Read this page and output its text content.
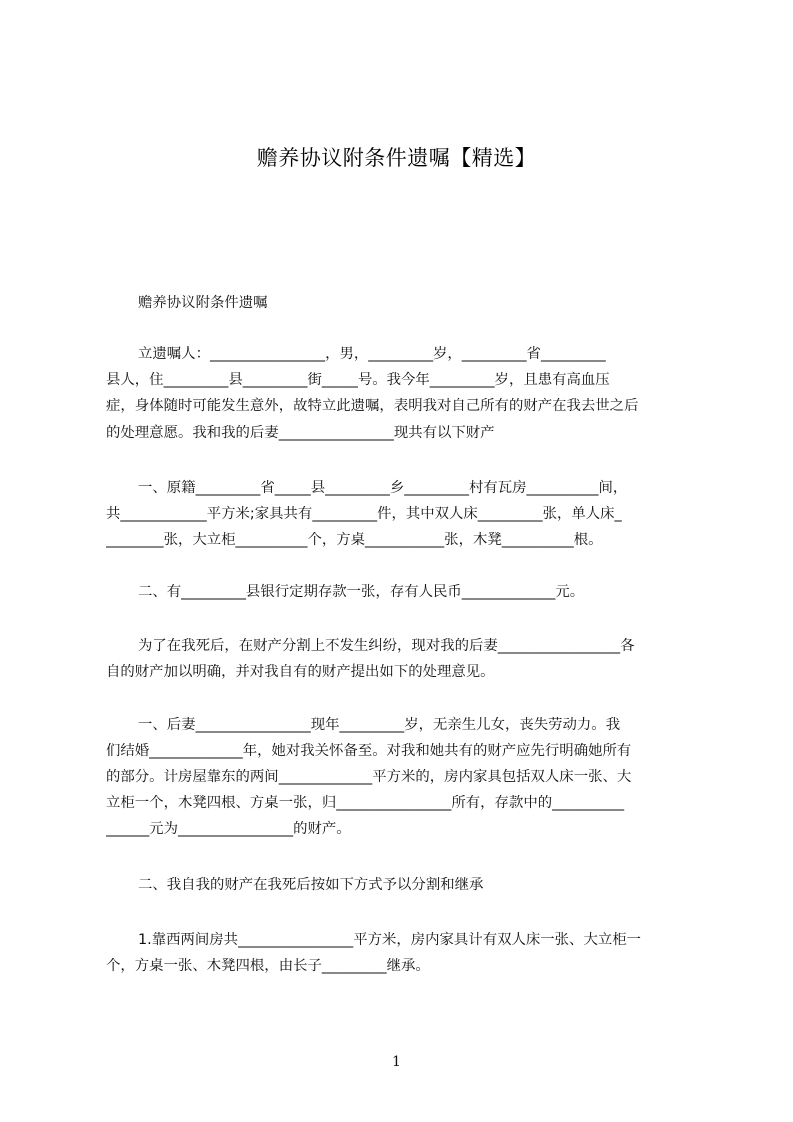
赡养协议附条件遗嘱【精选】
赡养协议附条件遗嘱
立遗嘱人：________________，男，_________岁，_________省_________
县人，住_________县_________街_____号。我今年_________岁，且患有高血压
症，身体随时可能发生意外，故特立此遗嘱，表明我对自己所有的财产在我去世之后
的处理意愿。我和我的后妻________________现共有以下财产
一、原籍_________省_____县_________乡_________村有瓦房__________间，
共____________平方米;家具共有_________件，其中双人床_________张，单人床_
________张，大立柜__________个，方桌___________张，木凳__________根。
二、有_________县银行定期存款一张，存有人民币_____________元。
为了在我死后，在财产分割上不发生纠纷，现对我的后妻_________________各
自的财产加以明确，并对我自有的财产提出如下的处理意见。
一、后妻________________现年_________岁，无亲生儿女，丧失劳动力。我
们结婚_____________年，她对我关怀备至。对我和她共有的财产应先行明确她所有
的部分。计房屋靠东的两间_____________平方米的，房内家具包括双人床一张、大
立柜一个，木凳四根、方桌一张，归________________所有，存款中的__________
______元为________________的财产。
二、我自我的财产在我死后按如下方式予以分割和继承
1.靠西两间房共________________平方米，房内家具计有双人床一张、大立柜一
个，方桌一张、木凳四根，由长子_________继承。
1
